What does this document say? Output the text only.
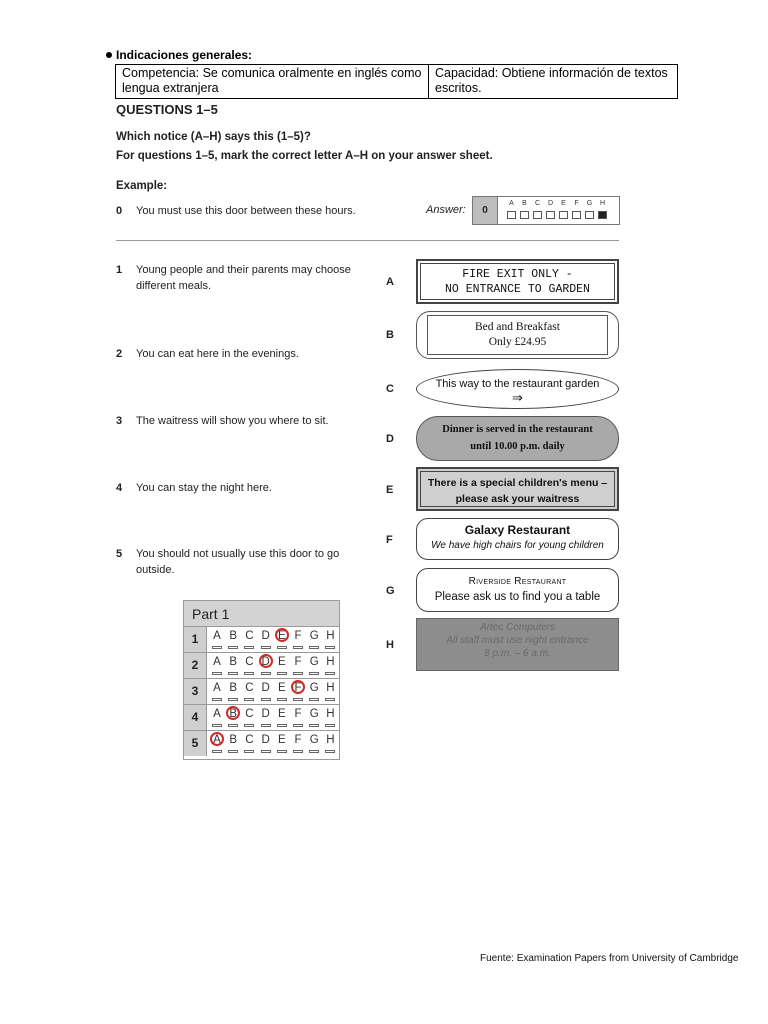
Indicaciones generales:
Competencia: Se comunica oralmente en inglés como lengua extranjera
Capacidad: Obtiene información de textos escritos.
QUESTIONS 1–5
Which notice (A–H) says this (1–5)?
For questions 1–5, mark the correct letter A–H on your answer sheet.
Example:
0 You must use this door between these hours.	Answer:	0
A	B	C	D	E	F	G	H
1 Young people and their parents may choose different meals.
2 You can eat here in the evenings.
3 The waitress will show you where to sit.
4 You can stay the night here.
5 You should not usually use this door to go outside.
A
B
C
D
E
F
G
H
FIRE EXIT ONLY -
NO ENTRANCE TO GARDEN
Bed and Breakfast
Only £24.95
This way to the restaurant garden
⇒
Dinner is served in the restaurant
until 10.00 p.m. daily
There is a special children's menu –
please ask your waitress
Galaxy Restaurant
We have high chairs for young children
Riverside Restaurant
Please ask us to find you a table
Artec Computers
All staff must use night entrance
8 p.m. – 6 a.m.
Part 1
1	A B C D E F G H
2	A B C D E F G H
3	A B C D E F G H
4	A B C D E F G H
5	A B C D E F G H
Fuente: Examination Papers from University of Cambridge
